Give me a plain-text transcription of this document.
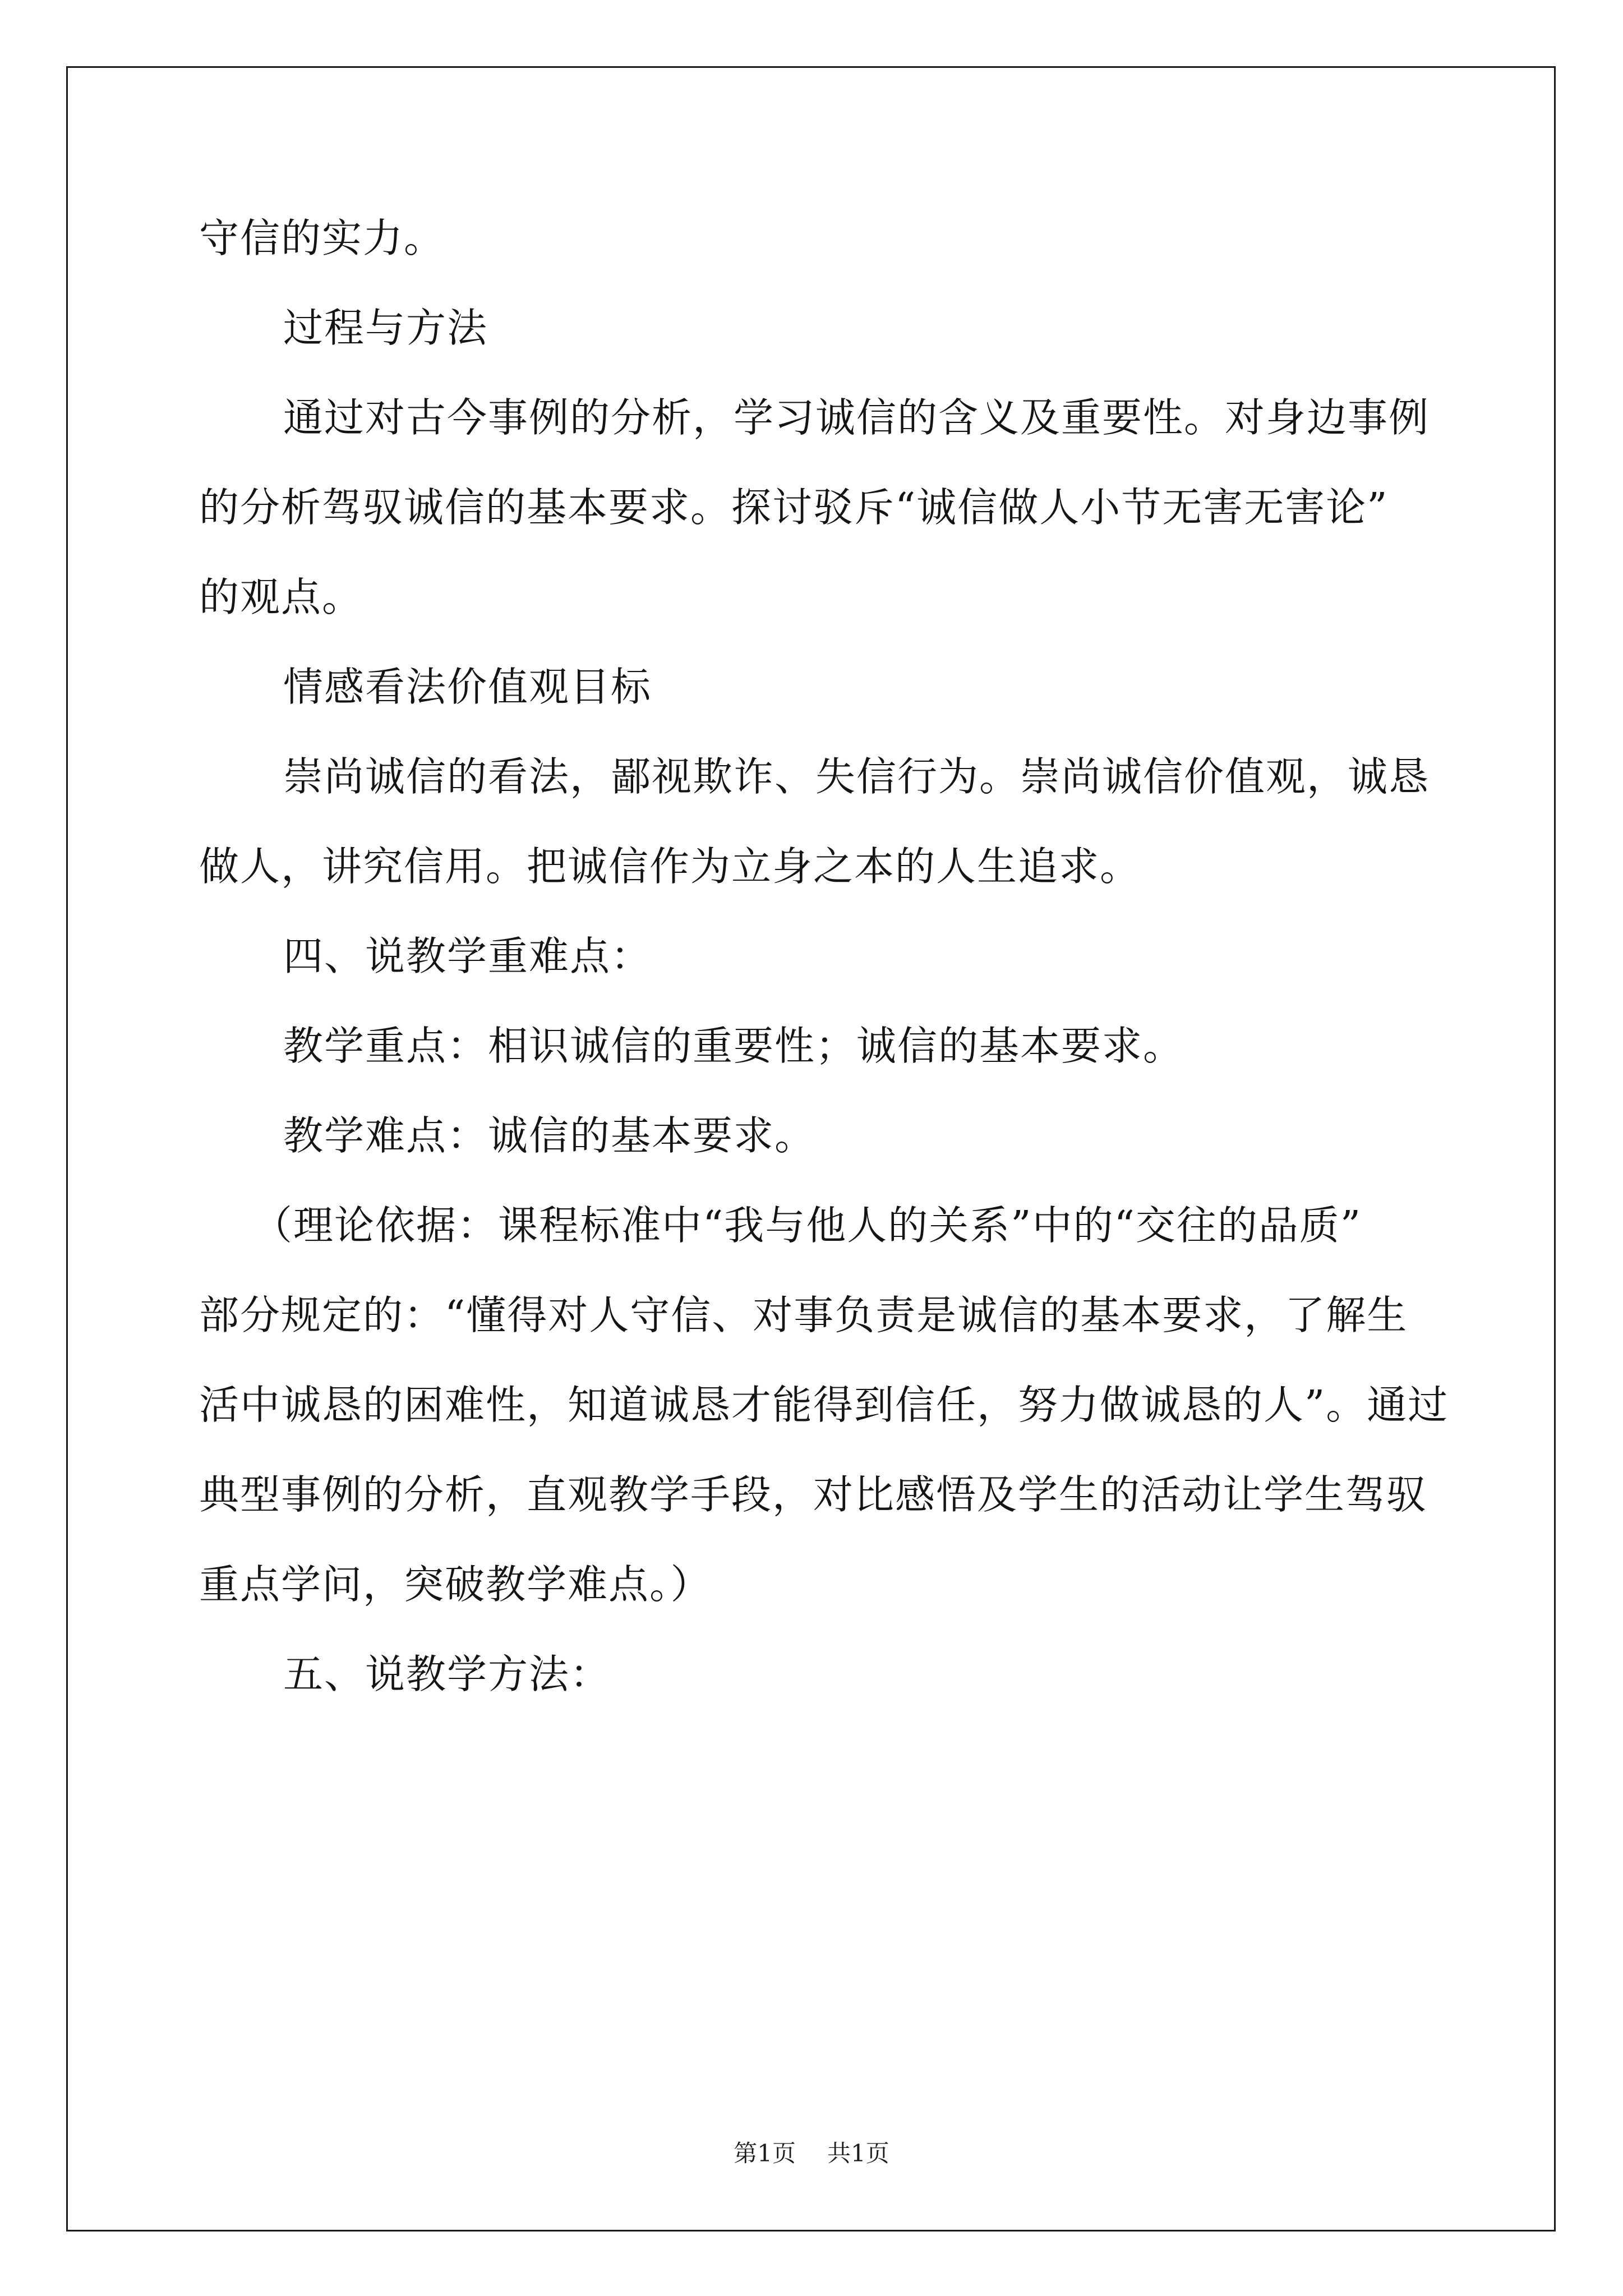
守信的实力。
过程与方法
通过对古今事例的分析，学习诚信的含义及重要性。对身边事例
的分析驾驭诚信的基本要求。探讨驳斥“诚信做人小节无害无害论”
的观点。
情感看法价值观目标
崇尚诚信的看法，鄙视欺诈、失信行为。崇尚诚信价值观，诚恳
做人，讲究信用。把诚信作为立身之本的人生追求。
四、说教学重难点：
教学重点：相识诚信的重要性；诚信的基本要求。
教学难点：诚信的基本要求。
（理论依据：课程标准中“我与他人的关系”中的“交往的品质”
部分规定的：“懂得对人守信、对事负责是诚信的基本要求，了解生
活中诚恳的困难性，知道诚恳才能得到信任，努力做诚恳的人”。通过
典型事例的分析，直观教学手段，对比感悟及学生的活动让学生驾驭
重点学问，突破教学难点。）
五、说教学方法：
第1页 共1页
